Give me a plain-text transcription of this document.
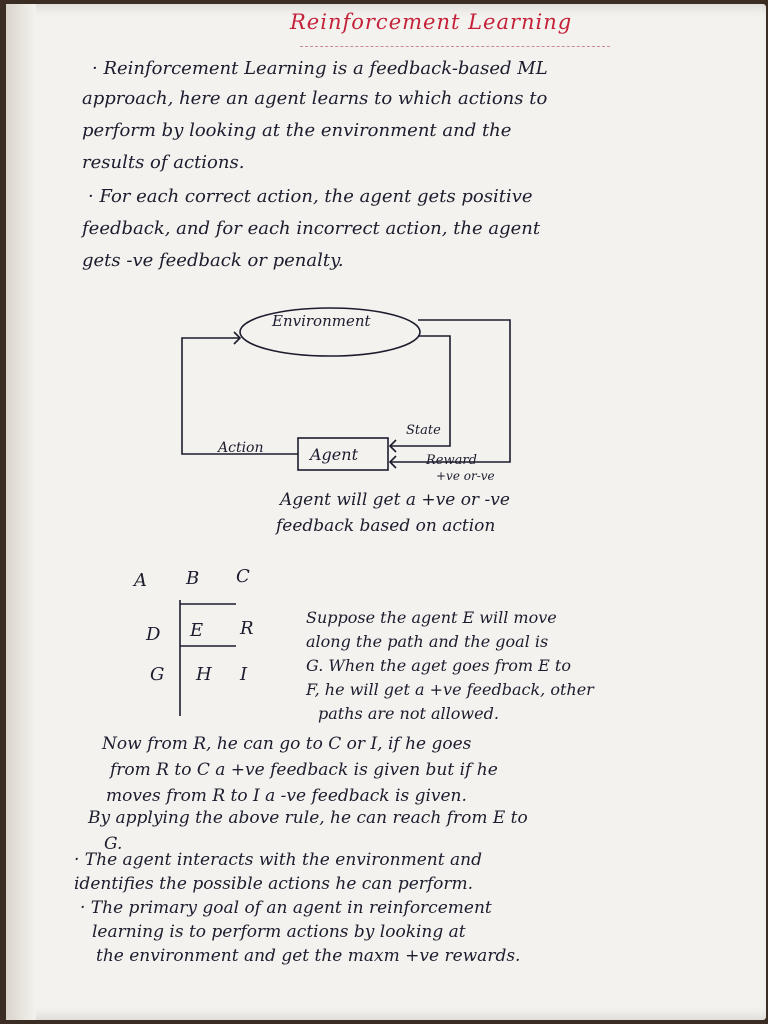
Reinforcement Learning
· Reinforcement Learning is a feedback-based ML
approach, here an agent learns to which actions to
perform by looking at the environment and the
results of actions.
· For each correct action, the agent gets positive
feedback, and for each incorrect action, the agent
gets -ve feedback or penalty.
Environment
Agent
Action
State
Reward
+ve or-ve
Agent will get a +ve or -ve
feedback based on action
A B C
D
G
E R
H I
Suppose the agent E will move
along the path and the goal is
G. When the aget goes from E to
F, he will get a +ve feedback, other
paths are not allowed.
Now from R, he can go to C or I, if he goes
from R to C a +ve feedback is given but if he
moves from R to I a -ve feedback is given.
By applying the above rule, he can reach from E to
G.
· The agent interacts with the environment and
identifies the possible actions he can perform.
· The primary goal of an agent in reinforcement
learning is to perform actions by looking at
the environment and get the maxm +ve rewards.
